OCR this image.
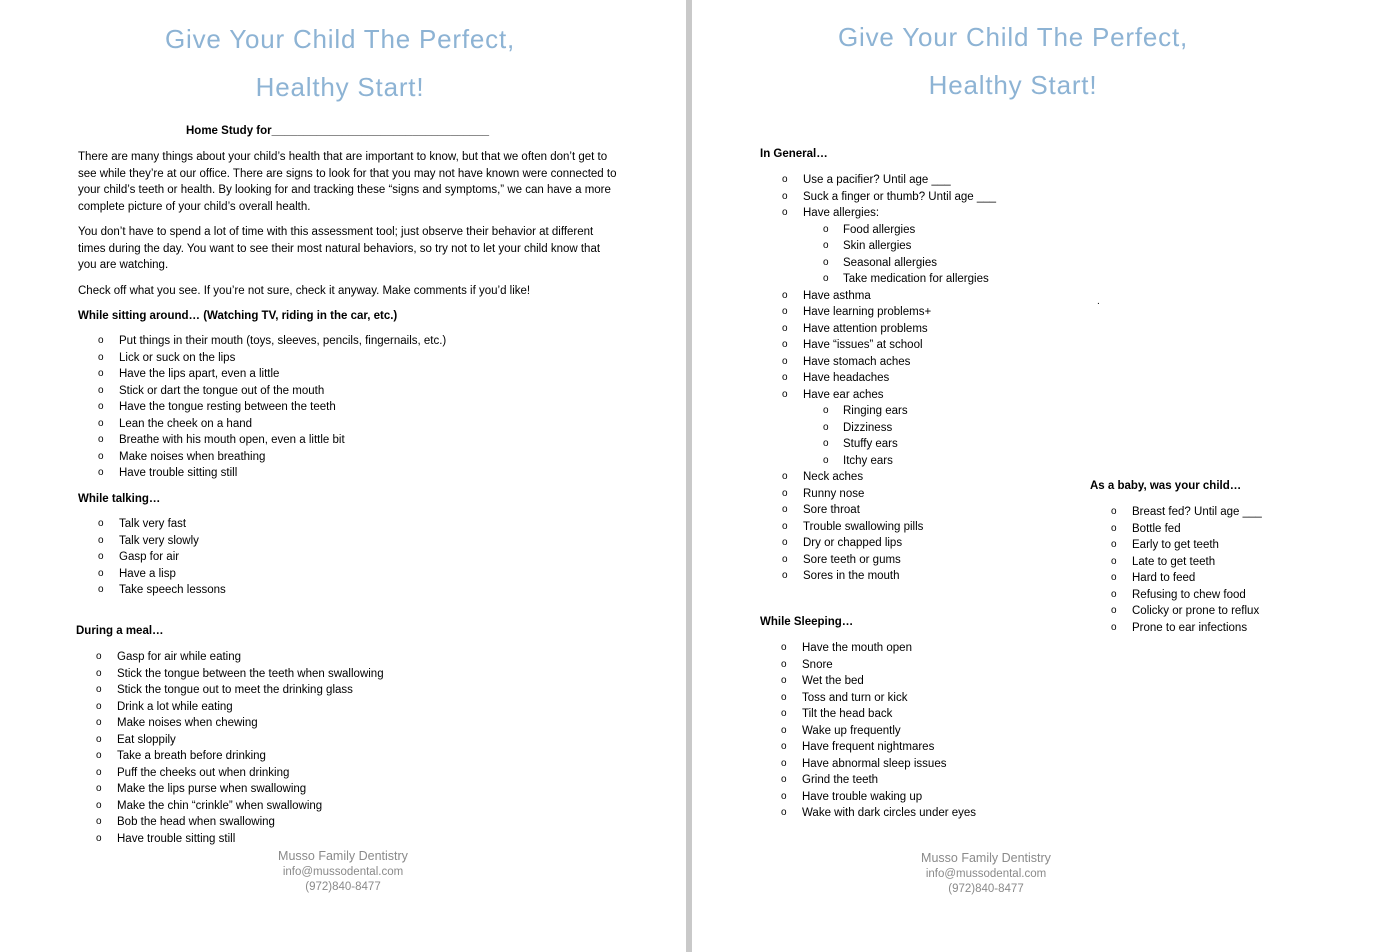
Give Your Child The Perfect,
Healthy Start!
Home Study for__________________________________
There are many things about your child’s health that are important to know, but that we often don’t get to see while they’re at our office. There are signs to look for that you may not have known were connected to your child’s teeth or health. By looking for and tracking these “signs and symptoms,” we can have a more complete picture of your child’s overall health.
You don’t have to spend a lot of time with this assessment tool; just observe their behavior at different times during the day. You want to see their most natural behaviors, so try not to let your child know that you are watching.
Check off what you see. If you’re not sure, check it anyway. Make comments if you’d like!
While sitting around… (Watching TV, riding in the car, etc.)
o Put things in their mouth (toys, sleeves, pencils, fingernails, etc.)
o Lick or suck on the lips
o Have the lips apart, even a little
o Stick or dart the tongue out of the mouth
o Have the tongue resting between the teeth
o Lean the cheek on a hand
o Breathe with his mouth open, even a little bit
o Make noises when breathing
o Have trouble sitting still
While talking…
o Talk very fast
o Talk very slowly
o Gasp for air
o Have a lisp
o Take speech lessons
During a meal…
o Gasp for air while eating
o Stick the tongue between the teeth when swallowing
o Stick the tongue out to meet the drinking glass
o Drink a lot while eating
o Make noises when chewing
o Eat sloppily
o Take a breath before drinking
o Puff the cheeks out when drinking
o Make the lips purse when swallowing
o Make the chin “crinkle” when swallowing
o Bob the head when swallowing
o Have trouble sitting still
Musso Family Dentistry
info@mussodental.com
(972)840-8477
Give Your Child The Perfect,
Healthy Start!
In General…
o Use a pacifier? Until age ___
o Suck a finger or thumb? Until age ___
o Have allergies:
o Food allergies
o Skin allergies
o Seasonal allergies
o Take medication for allergies
o Have asthma
o Have learning problems+
o Have attention problems
o Have “issues” at school
o Have stomach aches
o Have headaches
o Have ear aches
o Ringing ears
o Dizziness
o Stuffy ears
o Itchy ears
o Neck aches
o Runny nose
o Sore throat
o Trouble swallowing pills
o Dry or chapped lips
o Sore teeth or gums
o Sores in the mouth
While Sleeping…
o Have the mouth open
o Snore
o Wet the bed
o Toss and turn or kick
o Tilt the head back
o Wake up frequently
o Have frequent nightmares
o Have abnormal sleep issues
o Grind the teeth
o Have trouble waking up
o Wake with dark circles under eyes
As a baby, was your child…
o Breast fed? Until age ___
o Bottle fed
o Early to get teeth
o Late to get teeth
o Hard to feed
o Refusing to chew food
o Colicky or prone to reflux
o Prone to ear infections
Musso Family Dentistry
info@mussodental.com
(972)840-8477
.
